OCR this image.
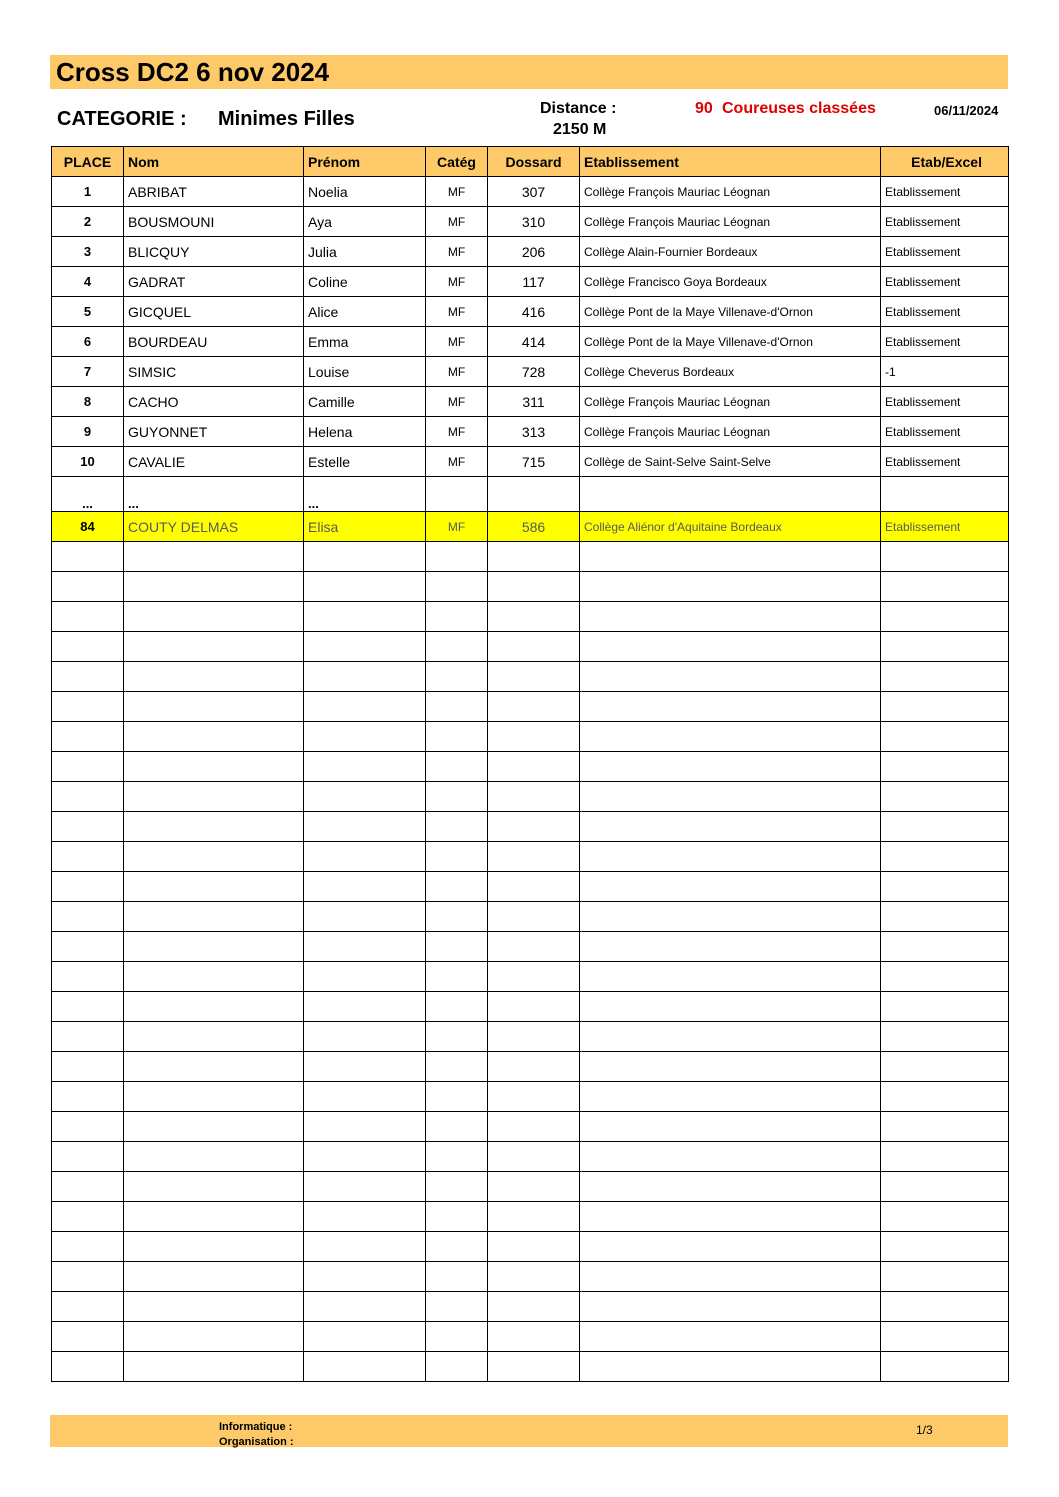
Cross DC2 6 nov 2024
CATEGORIE : Minimes Filles	Distance :
2150 M
90 Coureuses classées	06/11/2024
PLACE	Nom	Prénom	Catég	Dossard	Etablissement	Etab/Excel
1	ABRIBAT	Noelia	MF	307	Collège François Mauriac Léognan	Etablissement
2	BOUSMOUNI	Aya	MF	310	Collège François Mauriac Léognan	Etablissement
3	BLICQUY	Julia	MF	206	Collège Alain-Fournier Bordeaux	Etablissement
4	GADRAT	Coline	MF	117	Collège Francisco Goya Bordeaux	Etablissement
5	GICQUEL	Alice	MF	416	Collège Pont de la Maye Villenave-d'Ornon	Etablissement
6	BOURDEAU	Emma	MF	414	Collège Pont de la Maye Villenave-d'Ornon	Etablissement
7	SIMSIC	Louise	MF	728	Collège Cheverus Bordeaux	-1
8	CACHO	Camille	MF	311	Collège François Mauriac Léognan	Etablissement
9	GUYONNET	Helena	MF	313	Collège François Mauriac Léognan	Etablissement
10	CAVALIE	Estelle	MF	715	Collège de Saint-Selve Saint-Selve	Etablissement
...	...	...				
84	COUTY DELMAS	Elisa	MF	586	Collège Aliénor d'Aquitaine Bordeaux	Etablissement

Informatique :
Organisation :
1/3
